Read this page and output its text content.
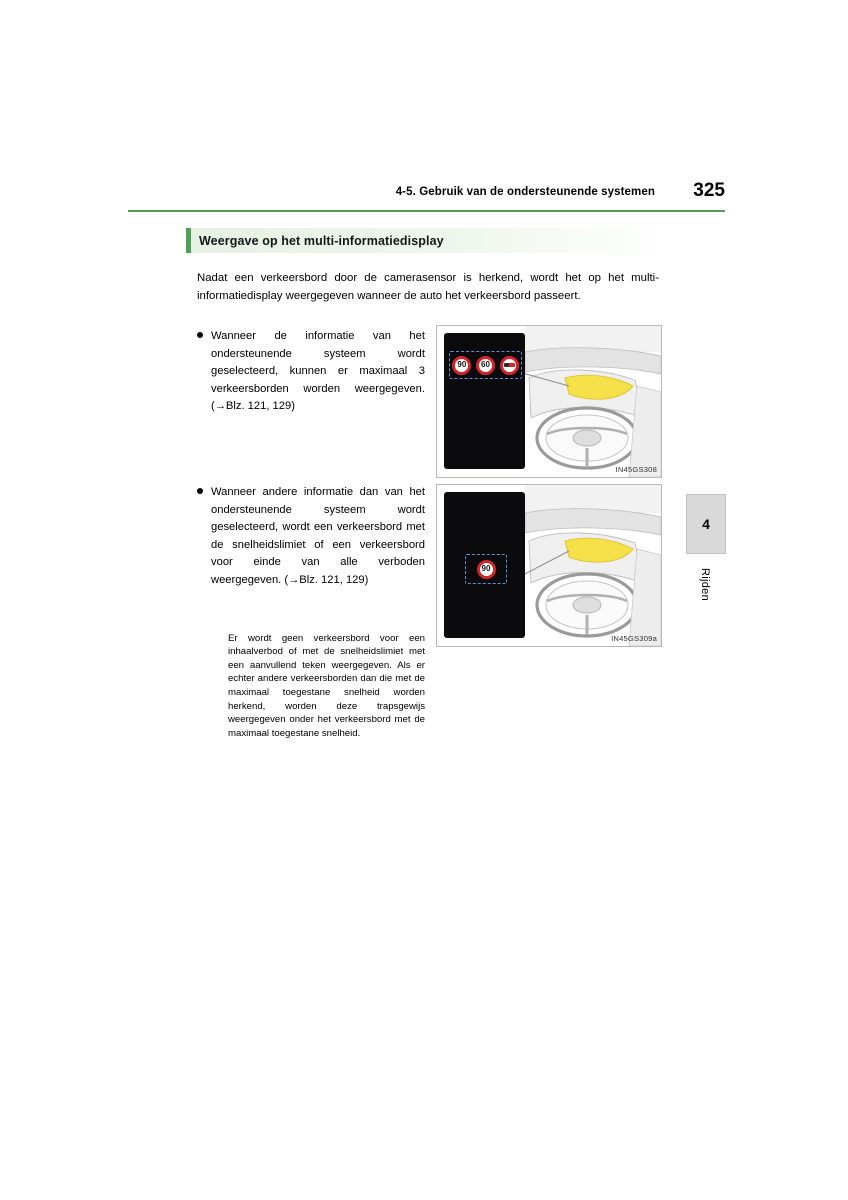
4-5. Gebruik van de ondersteunende systemen 325
Weergave op het multi-informatiedisplay

Nadat een verkeersbord door de camerasensor is herkend, wordt het op het multi-informatiedisplay weergegeven wanneer de auto het verkeersbord passeert.

Wanneer de informatie van het ondersteunende systeem wordt geselecteerd, kunnen er maximaal 3 verkeersborden worden weergegeven. (→Blz. 121, 129)
Wanneer andere informatie dan van het ondersteunende systeem wordt geselecteerd, wordt een verkeersbord met de snelheidslimiet of een verkeersbord voor einde van alle verboden weergegeven. (→Blz. 121, 129)

Er wordt geen verkeersbord voor een inhaalverbod of met de snelheidslimiet met een aanvullend teken weergegeven. Als er echter andere verkeersborden dan die met de maximaal toegestane snelheid worden herkend, worden deze trapsgewijs weergegeven onder het verkeersbord met de maximaal toegestane snelheid.

90	60
IN45GS308
90
IN45GS309a
4
Rijden
